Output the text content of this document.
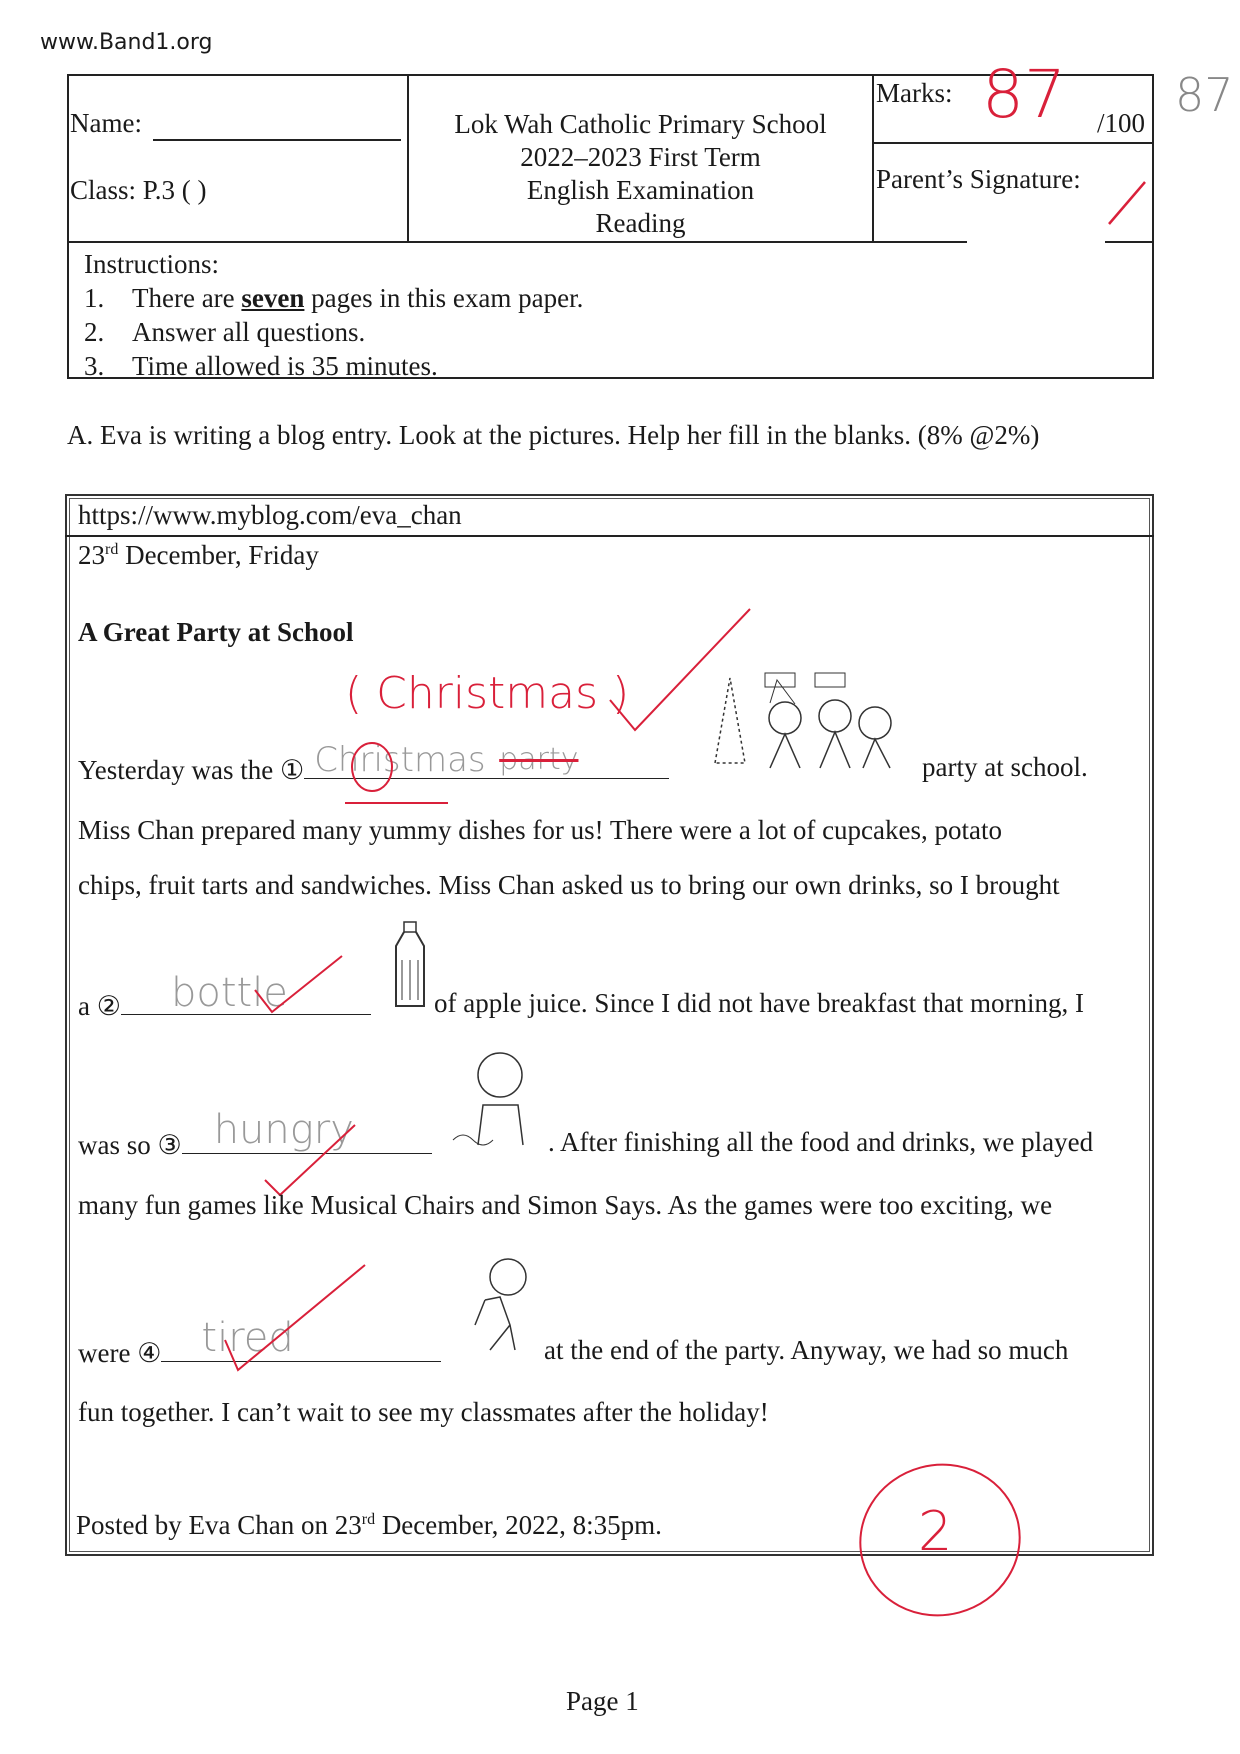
www.Band1.org
Name:
Class: P.3 ( )
Lok Wah Catholic Primary School
2022–2023 First Term
English Examination
Reading
Marks: 87 /100
87
Parent’s Signature:
Instructions:
1. There are seven pages in this exam paper.
2. Answer all questions.
3. Time allowed is 35 minutes.
A. Eva is writing a blog entry. Look at the pictures. Help her fill in the blanks. (8% @2%)
https://www.myblog.com/eva_chan
23rd December, Friday
A Great Party at School
( Christmas )
Yesterday was the ① Christmas party	party at school.
Miss Chan prepared many yummy dishes for us! There were a lot of cupcakes, potato
chips, fruit tarts and sandwiches. Miss Chan asked us to bring our own drinks, so I brought
a ② bottle	of apple juice. Since I did not have breakfast that morning, I
was so ③ hungry	. After finishing all the food and drinks, we played
many fun games like Musical Chairs and Simon Says. As the games were too exciting, we
were ④ tired	at the end of the party. Anyway, we had so much
fun together. I can’t wait to see my classmates after the holiday!
Posted by Eva Chan on 23rd December, 2022, 8:35pm.	2
Page 1
